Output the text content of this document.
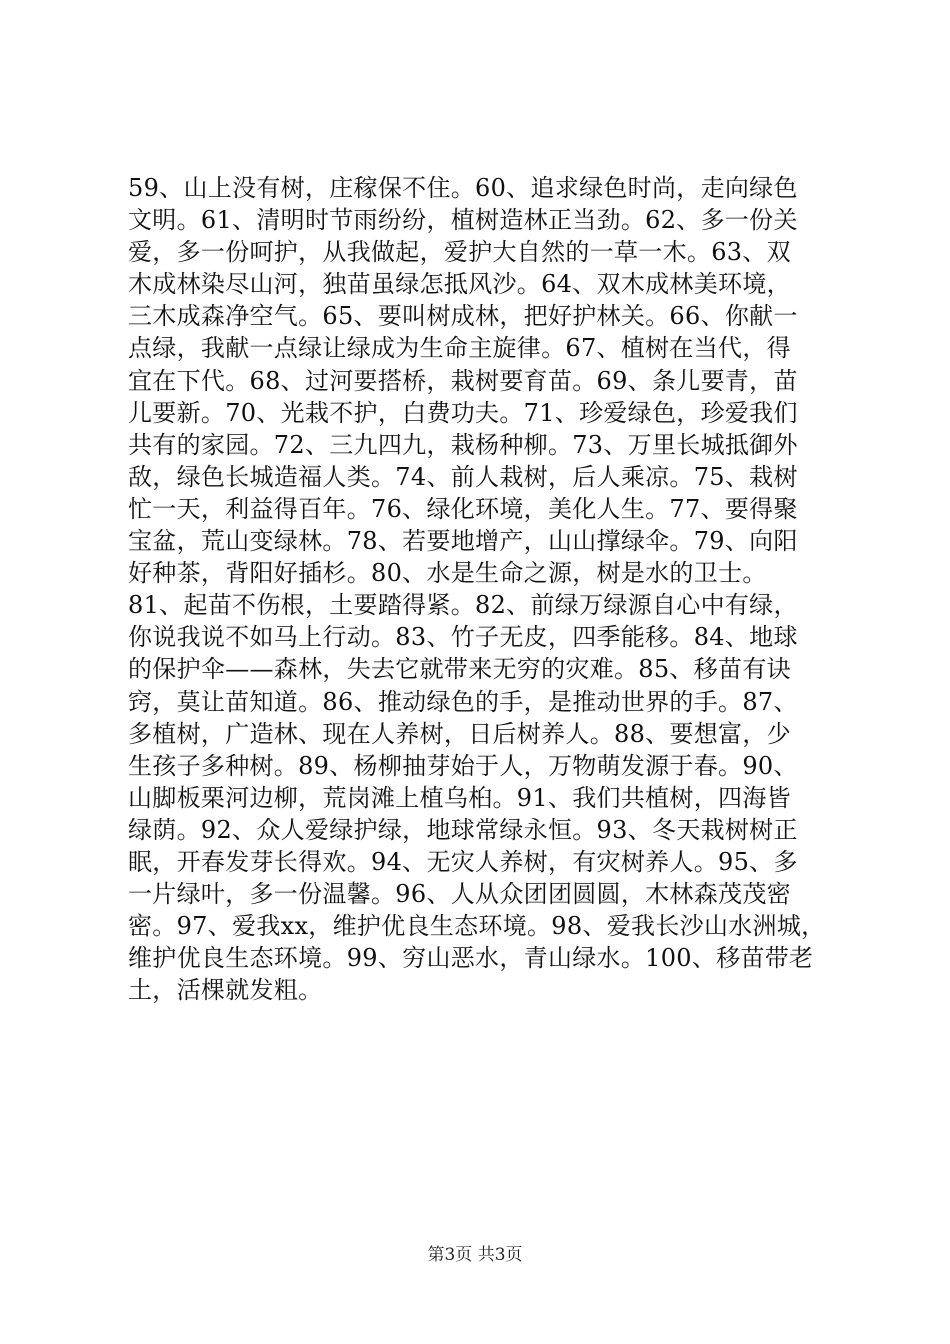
59、山上没有树，庄稼保不住。60、追求绿色时尚，走向绿色
文明。61、清明时节雨纷纷，植树造林正当劲。62、多一份关
爱，多一份呵护，从我做起，爱护大自然的一草一木。63、双
木成林染尽山河，独苗虽绿怎抵风沙。64、双木成林美环境，
三木成森净空气。65、要叫树成林，把好护林关。66、你献一
点绿，我献一点绿让绿成为生命主旋律。67、植树在当代，得
宜在下代。68、过河要搭桥，栽树要育苗。69、条儿要青，苗
儿要新。70、光栽不护，白费功夫。71、珍爱绿色，珍爱我们
共有的家园。72、三九四九，栽杨种柳。73、万里长城抵御外
敌，绿色长城造福人类。74、前人栽树，后人乘凉。75、栽树
忙一天，利益得百年。76、绿化环境，美化人生。77、要得聚
宝盆，荒山变绿林。78、若要地增产，山山撑绿伞。79、向阳
好种茶，背阳好插杉。80、水是生命之源，树是水的卫士。
81、起苗不伤根，土要踏得紧。82、前绿万绿源自心中有绿，
你说我说不如马上行动。83、竹子无皮，四季能移。84、地球
的保护伞——森林，失去它就带来无穷的灾难。85、移苗有诀
窍，莫让苗知道。86、推动绿色的手，是推动世界的手。87、
多植树，广造林、现在人养树，日后树养人。88、要想富，少
生孩子多种树。89、杨柳抽芽始于人，万物萌发源于春。90、
山脚板栗河边柳，荒岗滩上植乌桕。91、我们共植树，四海皆
绿荫。92、众人爱绿护绿，地球常绿永恒。93、冬天栽树树正
眠，开春发芽长得欢。94、无灾人养树，有灾树养人。95、多
一片绿叶，多一份温馨。96、人从众团团圆圆，木林森茂茂密
密。97、爱我xx，维护优良生态环境。98、爱我长沙山水洲城，
维护优良生态环境。99、穷山恶水，青山绿水。100、移苗带老
土，活棵就发粗。
第3页 共3页
